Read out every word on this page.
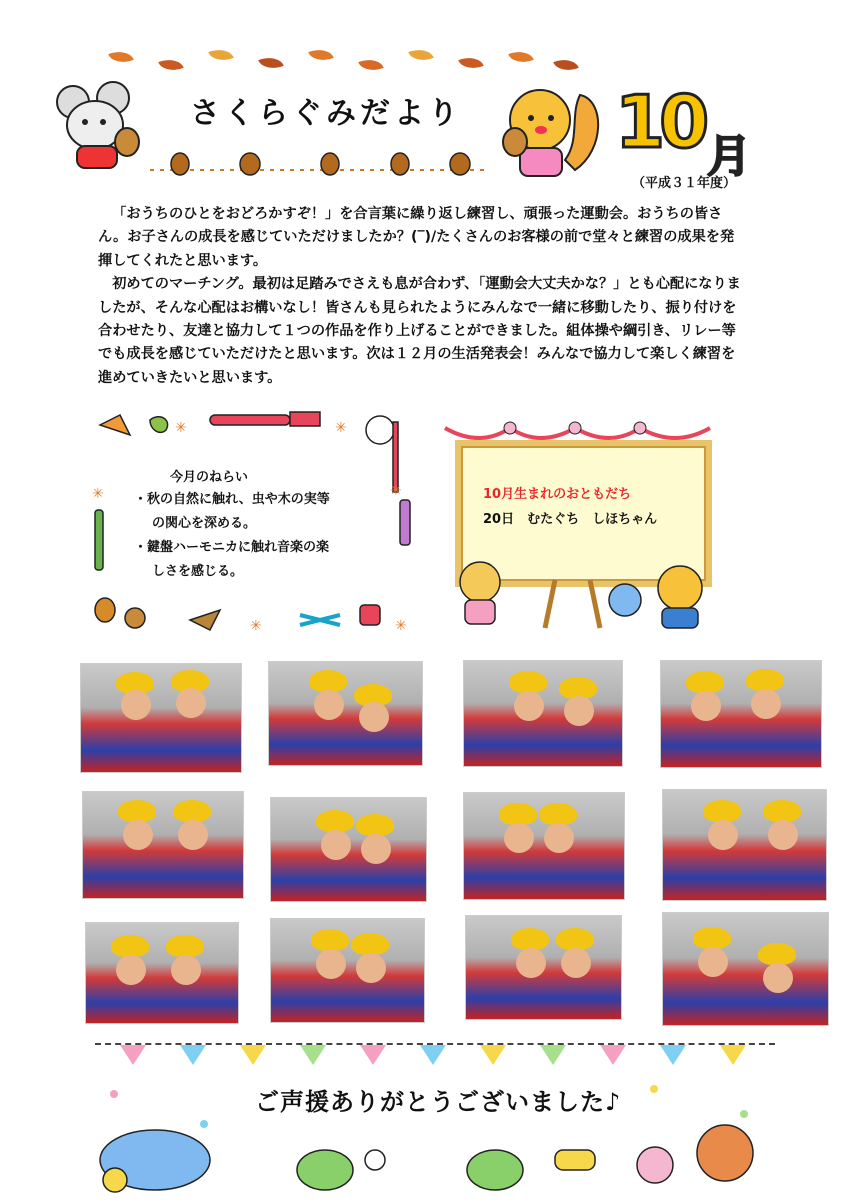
さくらぐみだより 10 月
（平成３１年度）

「おうちのひとをおどろかすぞ！」を合言葉に繰り返し練習し、頑張った運動会。おうちの皆さん。お子さんの成長を感じていただけましたか？(‾)/たくさんのお客様の前で堂々と練習の成果を発揮してくれたと思います。

初めてのマーチング。最初は足踏みでさえも息が合わず、「運動会大丈夫かな？」とも心配になりましたが、そんな心配はお構いなし！皆さんも見られたようにみんなで一緒に移動したり、振り付けを合わせたり、友達と協力して１つの作品を作り上げることができました。組体操や綱引き、リレー等でも成長を感じていただけたと思います。次は１２月の生活発表会！みんなで協力して楽しく練習を進めていきたいと思います。

✳	✳
✳	✳
✳	✳
今月のねらい
・秋の自然に触れ、虫や木の実等
の関心を深める。
・鍵盤ハーモニカに触れ音楽の楽
しさを感じる。
10月生まれのおともだち
20日　むたぐち　しほちゃん
ご声援ありがとうございました♪
